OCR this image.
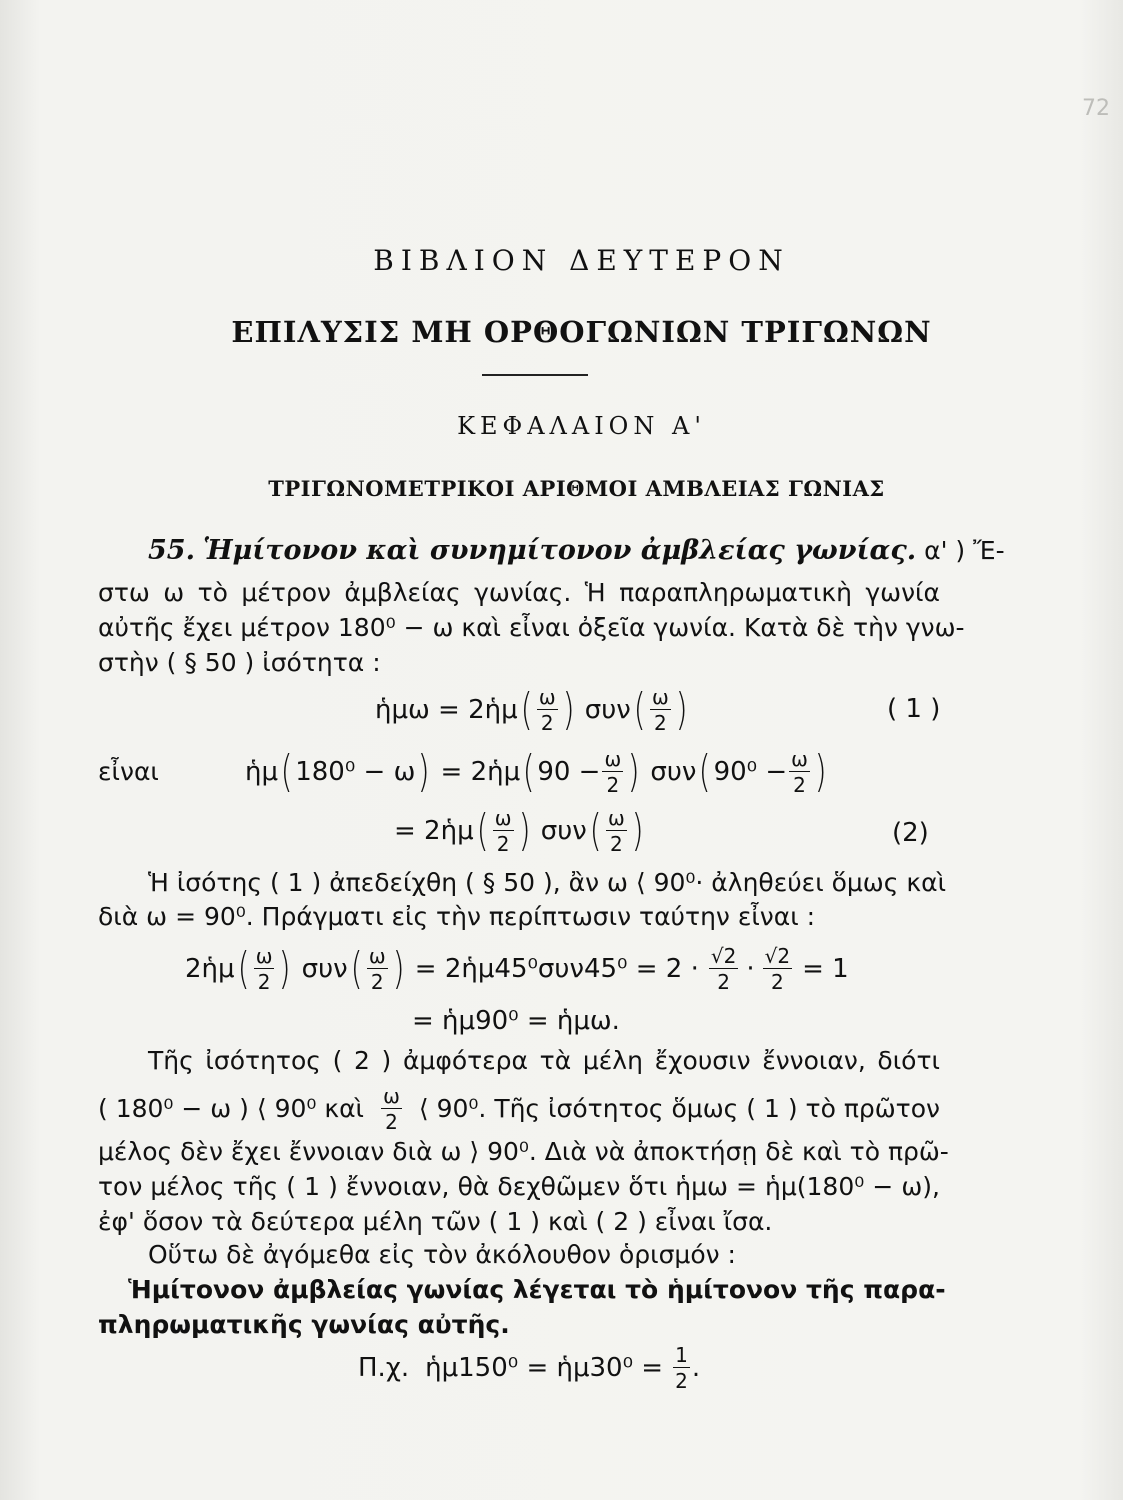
72
ΒΙΒΛΙΟΝ ΔΕΥΤΕΡΟΝ
ΕΠΙΛΥΣΙΣ ΜΗ ΟΡΘΟΓΩΝΙΩΝ ΤΡΙΓΩΝΩΝ
ΚΕΦΑΛΑΙΟΝ Α'
ΤΡΙΓΩΝΟΜΕΤΡΙΚΟΙ ΑΡΙΘΜΟΙ ΑΜΒΛΕΙΑΣ ΓΩΝΙΑΣ
55. Ἡμίτονον καὶ συνημίτονον ἀμβλείας γωνίας. α' ) Ἔ-
στω ω τὸ μέτρον ἀμβλείας γωνίας. Ἡ παραπληρωματικὴ γωνία
αὐτῆς ἔχει μέτρον 180⁰ − ω καὶ εἶναι ὀξεῖα γωνία. Κατὰ δὲ τὴν γνω-
στὴν ( § 50 ) ἰσότητα :
ἡμω = 2ἡμ ( $\frac{\omega}{2}$ ) συν ( $\frac{\omega}{2}$ )	( 1 )
εἶναι	ἡμ ( 180⁰ − ω ) = 2ἡμ ( $90 - \frac{\omega}{2}$ ) συν ( $90^0 - \frac{\omega}{2}$ )
= 2ἡμ ( $\frac{\omega}{2}$ ) συν ( $\frac{\omega}{2}$ )	(2)
Ἡ ἰσότης ( 1 ) ἀπεδείχθη ( § 50 ), ἂν ω ⟨ 90⁰· ἀληθεύει ὅμως καὶ
διὰ ω = 90⁰. Πράγματι εἰς τὴν περίπτωσιν ταύτην εἶναι :
2ἡμ ( $\frac{\omega}{2}$ ) συν ( $\frac{\omega}{2}$ ) = 2ἡμ45⁰συν45⁰ = $2 \cdot \frac{√2}{2} \cdot \frac{√2}{2} = 1$
= ἡμ90⁰ = ἡμω.
Τῆς ἰσότητος ( 2 ) ἀμφότερα τὰ μέλη ἔχουσιν ἔννοιαν, διότι
( 180⁰ − ω ) ⟨ 90⁰ καὶ $\frac{\omega}{2}$ ⟨ 90⁰. Τῆς ἰσότητος ὅμως ( 1 ) τὸ πρῶτον
μέλος δὲν ἔχει ἔννοιαν διὰ ω ⟩ 90⁰. Διὰ νὰ ἀποκτήσῃ δὲ καὶ τὸ πρῶ-
τον μέλος τῆς ( 1 ) ἔννοιαν, θὰ δεχθῶμεν ὅτι ἡμω = ἡμ(180⁰ − ω),
ἐφ' ὅσον τὰ δεύτερα μέλη τῶν ( 1 ) καὶ ( 2 ) εἶναι ἴσα.
Οὕτω δὲ ἀγόμεθα εἰς τὸν ἀκόλουθον ὁρισμόν :
Ἡμίτονον ἀμβλείας γωνίας λέγεται τὸ ἡμίτονον τῆς παρα-
πληρωματικῆς γωνίας αὐτῆς.
Π.χ. ἡμ150⁰ = ἡμ30⁰ = $\frac{1}{2}$ .
